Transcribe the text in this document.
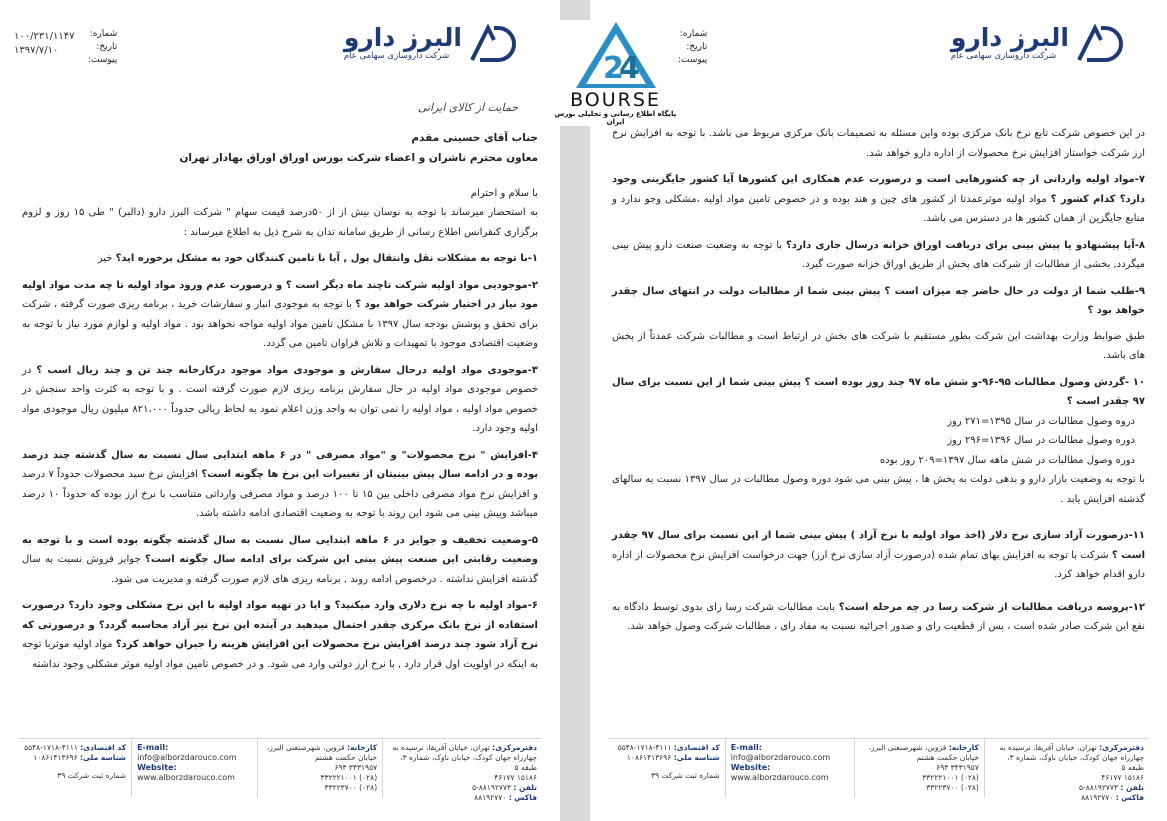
البرز دارو
شرکت داروسازی سهامی عام
شماره:
تاریخ:
پیوست:
۱۰۰/۲۳۱/۱۱۴۷
۱۳۹۷/۷/۱۰
حمایت از کالای ایرانی
جناب آقای حسینی مقدم
معاون محترم ناشران و اعضاء شرکت بورس اوراق اوراق بهادار تهران
با سلام و احترام
به استحضار میرساند با توجه به نوسان بیش از از ۵۰درصد قیمت سهام " شرکت البرز دارو (دالبر) " طی ۱۵ روز و لزوم برگزاری کنفرانس اطلاع رسانی از طریق سامانه تدان به شرح ذیل به اطلاع میرساند :
۱-با توجه به مشکلات نقل وانتقال پول , آیا با تامین کنندگان خود به مشکل برخوره اید؟ خیر
۲-موجودیی مواد اولیه شرکت تاچند ماه دیگر است ؟ و درصورت عدم ورود مواد اولیه تا چه مدت مواد اولیه مود نیاز در اختیار شرکت خواهد بود ؟ با توجه به موجودی انبار و سفارشات خرید ، برنامه ریزی صورت گرفته ، شرکت برای تحقق و پوشش بودجه سال ۱۳۹۷ با مشکل تامین مواد اولیه مواجه نخواهد بود . مواد اولیه و لوازم مورد نیاز با توجه به وضعیت اقتصادی موجود با تمهیدات و تلاش فراوان تامین می گردد.
۳-موجودی مواد اولیه درحال سفارش و موجودی مواد موجود درکارخانه چند تن و چند ریال اسب ؟ در خصوص موجودی مواد اولیه در حال سفارش برنامه ریزی لازم صورت گرفته است . و با توجه به کثرت واحد سنجش در خصوص مواد اولیه ، مواد اولیه را نمی توان به واحد وزن اعلام نمود به لحاظ ریالی حدوداً ۸۲۱،۰۰۰ میلیون ریال موجودی مواد اولیه وجود دارد.
۴-افزایش " نرخ محصولات" و "مواد مصرفی " در ۶ ماهه ابتدایی سال نسبت به سال گذشته چند درصد بوده و در ادامه سال پیش بینیتان از تغییرات این نرخ ها چگونه است؟ افزایش نرخ سبد محصولات حدوداً ۷ درصد و افزایش نرخ مواد مصرفی داخلی بین ۱۵ تا ۱۰۰ درصد و مواد مصرفی وارداتی متناسب با نرخ ارز بوده که حدوداً ۱۰ درصد میباشد وپیش بینی می شود این روند با توجه به وضعیت اقتصادی ادامه داشته باشد.
۵-وضعیت تخفیف و جوایز در ۶ ماهه ابتدایی سال نسبت به سال گذشته چگونه بوده است و با توجه به وضعیت رقابتی این صنعت پیش بینی این شرکت برای ادامه سال چگونه است؟ جوایز فروش نسبت به سال گذشته افزایش نداشته . درخصوص ادامه روند , برنامه ریزی های لازم صورت گرفته و مدیریت می شود.
۶-مواد اولیه با چه نرخ دلاری وارد میکنید؟ و ایا در تهیه مواد اولیه با این نرخ مشکلی وجود دارد؟ درصورت استفاده از نرخ بانک مرکزی چقدر احتمال میدهید در آینده این نرخ نیز آزاد محاسبه گردد؟ و درصورتی که نرخ آزاد شود چند درصد افزایش نرخ محصولات این افزایش هزینه را جبران خواهد کرد؟ مواد اولیه موثربا توجه به اینکه در اولویت اول قرار دارد , با نرخ ارز دولتی وارد می شود. و در خصوص تامین مواد اولیه موثر مشکلی وجود نداشته
دفترمرکزی: تهران، خیابان آفریقا، نرسیده به چهارراه جهان کودک، خیابان ناوک، شماره ۳، طبقه ۵
۱۵۱۸۶ ۴۶۱۷۷
تلفن : ۸۸۱۹۲۷۷۳-۵
فاکس : ۸۸۱۹۲۷۷۰
کارخانه: قزوین، شهرصنعتی البرز، خیابان حکمت هشتم
۳۴۳۱۹۵۷ ۶۹۳
(۰۲۸) ۳۳۲۲۲۱۰۰۱
(۰۲۸) ۳۳۲۲۳۷۰۰
E-mail:
info@alborzdarouco.com
Website:
www.alborzdarouco.com
کد اقتصادی: ۴۱۱۱-۱۷۱۸-۵۵۴۸
شناسه ملی: ۱۰۸۶۱۴۱۳۶۹۶
شماره ثبت شرکت ۳۹
البرز دارو
شرکت داروسازی سهامی عام
شماره:
تاریخ:
پیوست:
در این خصوص شرکت تابع نرخ بانک مرکزی بوده واین مسئله به تصمیمات بانک مرکزی مربوط می باشد. با توجه به افزایش نرخ ارز شرکت خواستار افزایش نرخ محصولات از اداره دارو خواهد شد.
۷-مواد اولیه وارداتی از چه کشورهایی است و درصورت عدم همکاری این کشورها آیا کشور جایگزینی وجود دارد؟ کدام کشور ؟ مواد اولیه موثرعمدتا از کشور های چین و هند بوده و در خصوص تامین مواد اولیه ،مشکلی وجو ندارد و منابع جایگزین از همان کشور ها در دسترس می باشد.
۸-آیا پیشنهادو یا پیش بینی برای دریافت اوراق خزانه درسال جاری دارد؟ با توجه به وضعیت صنعت دارو پیش بینی میگردد, بخشی از مطالبات از شرکت های پخش از طریق اوراق خزانه صورت گیرد.
۹-طلب شما از دولت در حال حاضر چه میزان است ؟ پیش بینی شما از مطالبات دولت در انتهای سال چقدر خواهد بود ؟
طبق ضوابط وزارت بهداشت این شرکت بطور مستقیم با شرکت های بخش در ارتباط است و مطالبات شرکت عمدتاً از پخش های باشد.
۱۰ -گردش وصول مطالبات ۹۵-۹۶-و شش ماه ۹۷ چند روز بوده است ؟ پیش بینی شما از این نسبت برای سال ۹۷ چقدر است ؟
دروه وصول مطالبات در سال ۱۳۹۵=۲۷۱ روز
دوره وصول مطالبات در سال ۱۳۹۶=۲۹۶ روز
دوره وصول مطالبات در شش ماهه سال ۱۳۹۷=۲۰۹ روز بوده
با توجه به وضعیت بازار دارو و بدهی دولت به پخش ها ، پیش بینی می شود دوره وصول مطالبات در سال ۱۳۹۷ نسبت به سالهای گذشته افزایش یابد .
۱۱-درصورت آزاد سازی نرخ دلار (اخذ مواد اولیه با نرخ آزاد ) پیش بینی شما از این نسبت برای سال ۹۷ چقدر است ؟ شرکت با توجه به افزایش بهای تمام شده (درصورت آزاد سازی نرخ ارز) جهت درخواست افزایش نرخ محصولات از اداره دارو اقدام خواهد کرد.
۱۲-پروسه دریافت مطالبات از شرکت رسا در چه مرحله است؟ بابت مطالبات شرکت رسا رای بدوی توسط دادگاه به نفع این شرکت صادر شده است ، پس از قطعیت رای و صدور اجرائیه نسبت به مفاد رای ، مطالبات شرکت وصول خواهد شد.
دفترمرکزی: تهران، خیابان آفریقا، نرسیده به چهارراه جهان کودک، خیابان ناوک، شماره ۳، طبقه ۵
۱۵۱۸۶ ۴۶۱۷۷
تلفن : ۸۸۱۹۲۷۷۳-۵
فاکس : ۸۸۱۹۲۷۷۰
کارخانه: قزوین، شهرصنعتی البرز، خیابان حکمت هشتم
۳۴۳۱۹۵۷ ۶۹۳
(۰۲۸) ۳۳۲۲۲۱۰۰۱
(۰۲۸) ۳۳۲۲۳۷۰۰
E-mail:
info@alborzdarouco.com
Website:
www.alborzdarouco.com
کد اقتصادی: ۴۱۱۱-۱۷۱۸-۵۵۴۸
شناسه ملی: ۱۰۸۶۱۴۱۳۶۹۶
شماره ثبت شرکت ۳۹
2
4
BOURSE
پایگاه اطلاع رسانی و تحلیلی بورس ایران
